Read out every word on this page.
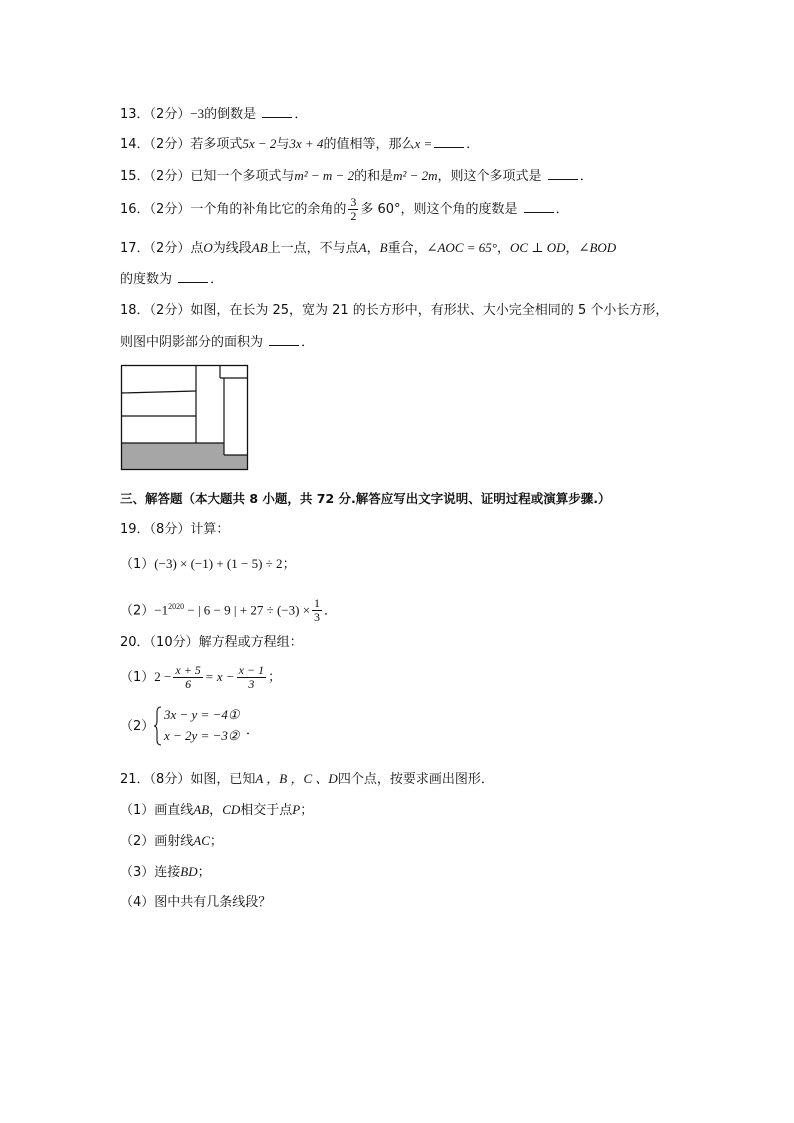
13．（2分）−3的倒数是	．
14．（2分）若多项式5x − 2与3x + 4的值相等，那么x =	．
15．（2分）已知一个多项式与m² − m − 2的和是m² − 2m，则这个多项式是	．
16．（2分）一个角的补角比它的余角的 $\frac{3}{2}$ 多 60°，则这个角的度数是	．
17．（2分）点O为线段AB上一点，不与点A，B重合，∠AOC = 65°，OC ⊥ OD，∠BOD
的度数为	．
18．（2分）如图，在长为 25，宽为 21 的长方形中，有形状、大小完全相同的 5 个小长方形，
则图中阴影部分的面积为	．
三、解答题（本大题共 8 小题，共 72 分.解答应写出文字说明、证明过程或演算步骤.）
19．（8分）计算：
（1）(−3) × (−1) + (1 − 5) ÷ 2；
$(2)-1^{2020}$ − | 6 − 9 | + $27 \div (-3) \times \frac{1}{3}$ ．
20．（10分）解方程或方程组：
$(1)2 - \frac{x + 5}{6} = x - \frac{x - 1}{3}$ ；
（2）
3x − y = −4①
x − 2y = −3② ．
21．（8分）如图，已知A ，B ，C 、D四个点，按要求画出图形．
（1）画直线AB，CD相交于点P；
（2）画射线AC；
（3）连接BD；
（4）图中共有几条线段？
